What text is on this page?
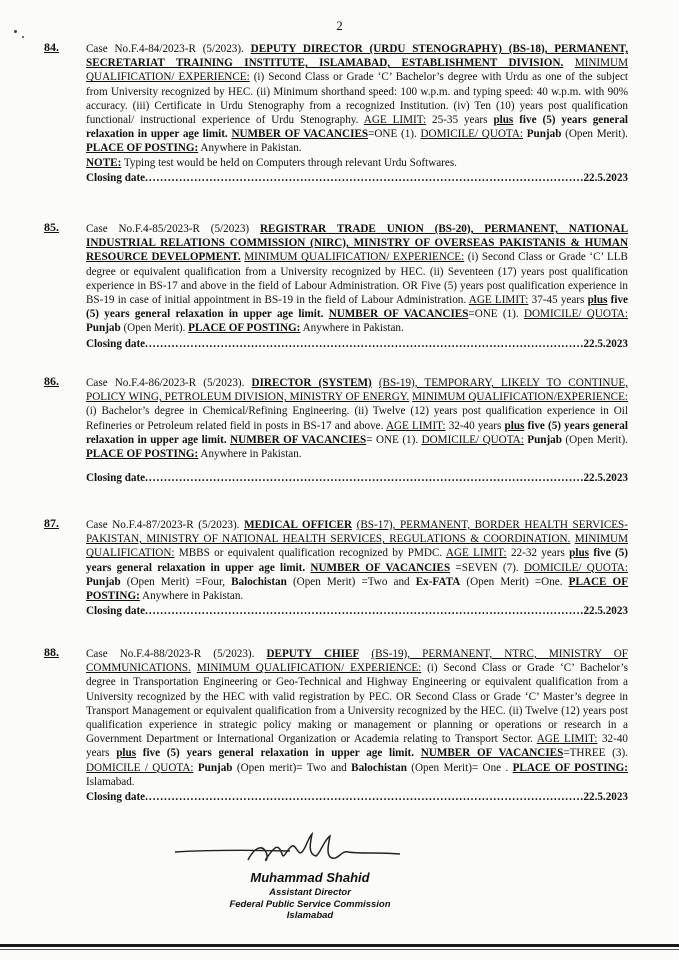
2
84. Case No.F.4-84/2023-R (5/2023). DEPUTY DIRECTOR (URDU STENOGRAPHY) (BS-18), PERMANENT, SECRETARIAT TRAINING INSTITUTE, ISLAMABAD, ESTABLISHMENT DIVISION. MINIMUM QUALIFICATION/ EXPERIENCE: (i) Second Class or Grade ‘C’ Bachelor’s degree with Urdu as one of the subject from University recognized by HEC. (ii) Minimum shorthand speed: 100 w.p.m. and typing speed: 40 w.p.m. with 90% accuracy. (iii) Certificate in Urdu Stenography from a recognized Institution. (iv) Ten (10) years post qualification functional/ instructional experience of Urdu Stenography. AGE LIMIT: 25-35 years plus five (5) years general relaxation in upper age limit. NUMBER OF VACANCIES=ONE (1). DOMICILE/ QUOTA: Punjab (Open Merit). PLACE OF POSTING: Anywhere in Pakistan.
NOTE: Typing test would be held on Computers through relevant Urdu Softwares.
Closing date .....	22.5.2023
85. Case No.F.4-85/2023-R (5/2023) REGISTRAR TRADE UNION (BS-20), PERMANENT, NATIONAL INDUSTRIAL RELATIONS COMMISSION (NIRC), MINISTRY OF OVERSEAS PAKISTANIS & HUMAN RESOURCE DEVELOPMENT. MINIMUM QUALIFICATION/ EXPERIENCE: (i) Second Class or Grade ‘C’ LLB degree or equivalent qualification from a University recognized by HEC. (ii) Seventeen (17) years post qualification experience in BS-17 and above in the field of Labour Administration. OR Five (5) years post qualification experience in BS-19 in case of initial appointment in BS-19 in the field of Labour Administration. AGE LIMIT: 37-45 years plus five (5) years general relaxation in upper age limit. NUMBER OF VACANCIES=ONE (1). DOMICILE/ QUOTA: Punjab (Open Merit). PLACE OF POSTING: Anywhere in Pakistan.
Closing date .....	22.5.2023
86. Case No.F.4-86/2023-R (5/2023). DIRECTOR (SYSTEM) (BS-19), TEMPORARY, LIKELY TO CONTINUE, POLICY WING, PETROLEUM DIVISION, MINISTRY OF ENERGY. MINIMUM QUALIFICATION/EXPERIENCE: (i) Bachelor’s degree in Chemical/Refining Engineering. (ii) Twelve (12) years post qualification experience in Oil Refineries or Petroleum related field in posts in BS-17 and above. AGE LIMIT: 32-40 years plus five (5) years general relaxation in upper age limit. NUMBER OF VACANCIES= ONE (1). DOMICILE/ QUOTA: Punjab (Open Merit). PLACE OF POSTING: Anywhere in Pakistan.
Closing date .....	22.5.2023
87. Case No.F.4-87/2023-R (5/2023). MEDICAL OFFICER (BS-17), PERMANENT, BORDER HEALTH SERVICES-PAKISTAN, MINISTRY OF NATIONAL HEALTH SERVICES, REGULATIONS & COORDINATION. MINIMUM QUALIFICATION: MBBS or equivalent qualification recognized by PMDC. AGE LIMIT: 22-32 years plus five (5) years general relaxation in upper age limit. NUMBER OF VACANCIES =SEVEN (7). DOMICILE/ QUOTA: Punjab (Open Merit) =Four, Balochistan (Open Merit) =Two and Ex-FATA (Open Merit) =One. PLACE OF POSTING: Anywhere in Pakistan.
Closing date .....	22.5.2023
88. Case No.F.4-88/2023-R (5/2023). DEPUTY CHIEF (BS-19), PERMANENT, NTRC, MINISTRY OF COMMUNICATIONS. MINIMUM QUALIFICATION/ EXPERIENCE: (i) Second Class or Grade ‘C’ Bachelor’s degree in Transportation Engineering or Geo-Technical and Highway Engineering or equivalent qualification from a University recognized by the HEC with valid registration by PEC. OR Second Class or Grade ‘C’ Master’s degree in Transport Management or equivalent qualification from a University recognized by the HEC. (ii) Twelve (12) years post qualification experience in strategic policy making or management or planning or operations or research in a Government Department or International Organization or Academia relating to Transport Sector. AGE LIMIT: 32-40 years plus five (5) years general relaxation in upper age limit. NUMBER OF VACANCIES=THREE (3). DOMICILE / QUOTA: Punjab (Open merit)= Two and Balochistan (Open Merit)= One . PLACE OF POSTING: Islamabad.
Closing date .....	22.5.2023
Muhammad Shahid
Assistant Director
Federal Public Service Commission
Islamabad
